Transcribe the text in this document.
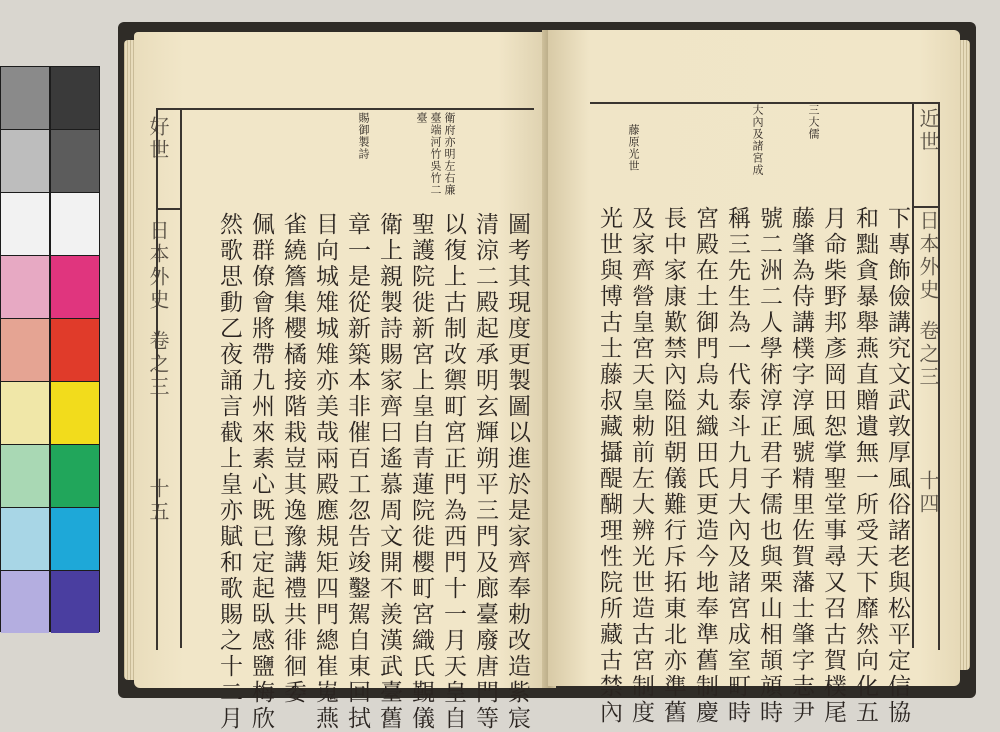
好世
日本外史
卷之三
十五
賜御製詩	衛府亦明左右廉
臺端河竹吳竹二
臺
圖考其現度更製圖以進於是家齊奉勅改造紫宸
清涼二殿起承明玄輝朔平三門及廊臺廢唐門等
以復上古制改禦町宮正門為西門十一月天皇自
聖護院徙新宮上皇自青蓮院徙櫻町宮織氏覲儀
衛上親製詩賜家齊曰遙慕周文開不羨漢武臺舊
章一是從新築本非催百工忽告竣鑿駕自東回拭
目向城雉城雉亦美哉兩殿應規矩四門總崔嵬燕
雀繞簷集櫻橘接階栽豈其逸豫講禮共徘徊委
佩群僚會將帶九州來素心既已定起臥感鹽梅欣
然歌思動乙夜誦言截上皇亦賦和歌賜之十二月
近世
日本外史
卷之三
十四
三大儒
大內及諸宮成
藤原光世
下專飾儉講究文武敦厚風俗諸老與松平定信協
和黜貪暴舉燕直贈遺無一所受天下靡然向化五
月命柴野邦彥岡田恕掌聖堂事尋又召古賀樸尾
藤肇為侍講樸字淳風號精里佐賀藩士肇字志尹
號二洲二人學術淳正君子儒也與栗山相頡頏時
稱三先生為一代泰斗九月大內及諸宮成室町時
宮殿在土御門烏丸織田氏更造今地奉準舊制慶
長中家康歎禁內隘阻朝儀難行斥拓東北亦準舊
及家齊營皇宮天皇勅前左大辨光世造古宮制度
光世與博古士藤叔藏攝醍醐理性院所藏古禁內
